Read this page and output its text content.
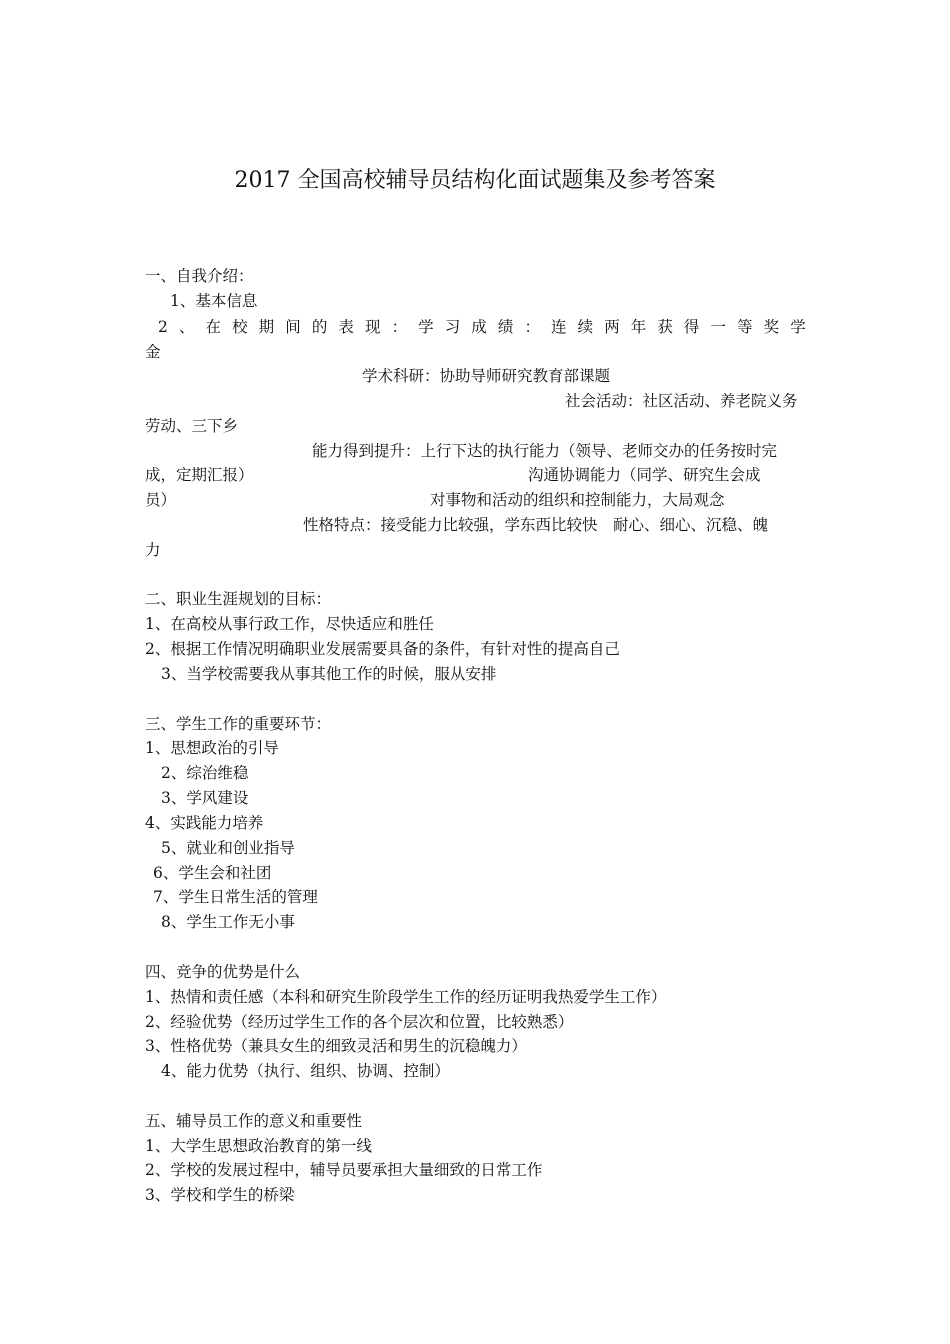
2017 全国高校辅导员结构化面试题集及参考答案
一、自我介绍：
1、基本信息
2 、 在 校 期 间 的 表 现 ： 学 习 成 绩 ： 连 续 两 年 获 得 一 等 奖 学
金
学术科研：协助导师研究教育部课题
社会活动：社区活动、养老院义务
劳动、三下乡
能力得到提升：上行下达的执行能力（领导、老师交办的任务按时完
成，定期汇报）	沟通协调能力（同学、研究生会成
员）	对事物和活动的组织和控制能力，大局观念
性格特点：接受能力比较强，学东西比较快　耐心、细心、沉稳、魄
力
二、职业生涯规划的目标：
1、在高校从事行政工作，尽快适应和胜任
2、根据工作情况明确职业发展需要具备的条件，有针对性的提高自己
3、当学校需要我从事其他工作的时候，服从安排
三、学生工作的重要环节：
1、思想政治的引导
2、综治维稳
3、学风建设
4、实践能力培养
5、就业和创业指导
6、学生会和社团
7、学生日常生活的管理
8、学生工作无小事
四、竞争的优势是什么
1、热情和责任感（本科和研究生阶段学生工作的经历证明我热爱学生工作）
2、经验优势（经历过学生工作的各个层次和位置，比较熟悉）
3、性格优势（兼具女生的细致灵活和男生的沉稳魄力）
4、能力优势（执行、组织、协调、控制）
五、辅导员工作的意义和重要性
1、大学生思想政治教育的第一线
2、学校的发展过程中，辅导员要承担大量细致的日常工作
3、学校和学生的桥梁
